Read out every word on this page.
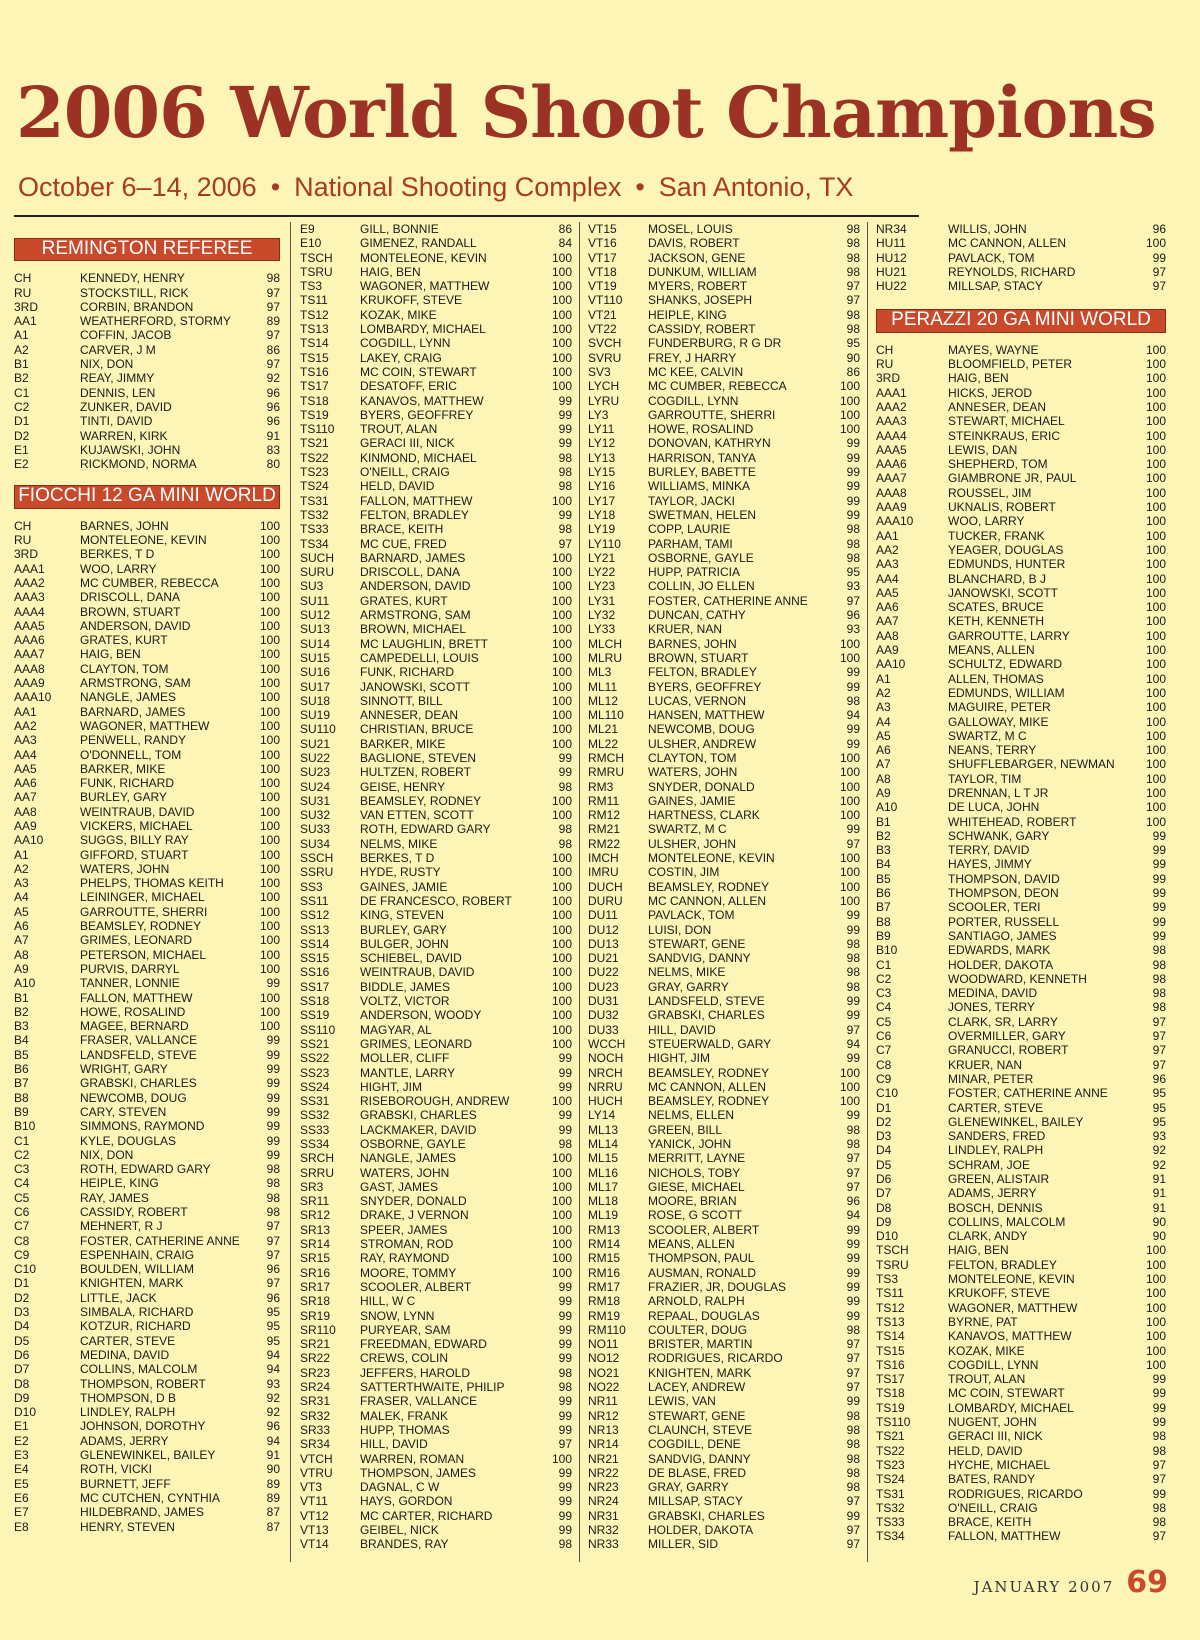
2006 World Shoot Champions
October 6–14, 2006 • National Shooting Complex • San Antonio, TX
REMINGTON REFEREE
CH	KENNEDY, HENRY	98
RU	STOCKSTILL, RICK	97
3RD	CORBIN, BRANDON	97
AA1	WEATHERFORD, STORMY	89
A1	COFFIN, JACOB	97
A2	CARVER, J M	86
B1	NIX, DON	97
B2	REAY, JIMMY	92
C1	DENNIS, LEN	96
C2	ZUNKER, DAVID	96
D1	TINTI, DAVID	96
D2	WARREN, KIRK	91
E1	KUJAWSKI, JOHN	83
E2	RICKMOND, NORMA	80
FIOCCHI 12 GA MINI WORLD
CH	BARNES, JOHN	100
RU	MONTELEONE, KEVIN	100
3RD	BERKES, T D	100
AAA1	WOO, LARRY	100
AAA2	MC CUMBER, REBECCA	100
AAA3	DRISCOLL, DANA	100
AAA4	BROWN, STUART	100
AAA5	ANDERSON, DAVID	100
AAA6	GRATES, KURT	100
AAA7	HAIG, BEN	100
AAA8	CLAYTON, TOM	100
AAA9	ARMSTRONG, SAM	100
AAA10	NANGLE, JAMES	100
AA1	BARNARD, JAMES	100
AA2	WAGONER, MATTHEW	100
AA3	PENWELL, RANDY	100
AA4	O'DONNELL, TOM	100
AA5	BARKER, MIKE	100
AA6	FUNK, RICHARD	100
AA7	BURLEY, GARY	100
AA8	WEINTRAUB, DAVID	100
AA9	VICKERS, MICHAEL	100
AA10	SUGGS, BILLY RAY	100
A1	GIFFORD, STUART	100
A2	WATERS, JOHN	100
A3	PHELPS, THOMAS KEITH	100
A4	LEININGER, MICHAEL	100
A5	GARROUTTE, SHERRI	100
A6	BEAMSLEY, RODNEY	100
A7	GRIMES, LEONARD	100
A8	PETERSON, MICHAEL	100
A9	PURVIS, DARRYL	100
A10	TANNER, LONNIE	99
B1	FALLON, MATTHEW	100
B2	HOWE, ROSALIND	100
B3	MAGEE, BERNARD	100
B4	FRASER, VALLANCE	99
B5	LANDSFELD, STEVE	99
B6	WRIGHT, GARY	99
B7	GRABSKI, CHARLES	99
B8	NEWCOMB, DOUG	99
B9	CARY, STEVEN	99
B10	SIMMONS, RAYMOND	99
C1	KYLE, DOUGLAS	99
C2	NIX, DON	99
C3	ROTH, EDWARD GARY	98
C4	HEIPLE, KING	98
C5	RAY, JAMES	98
C6	CASSIDY, ROBERT	98
C7	MEHNERT, R J	97
C8	FOSTER, CATHERINE ANNE	97
C9	ESPENHAIN, CRAIG	97
C10	BOULDEN, WILLIAM	96
D1	KNIGHTEN, MARK	97
D2	LITTLE, JACK	96
D3	SIMBALA, RICHARD	95
D4	KOTZUR, RICHARD	95
D5	CARTER, STEVE	95
D6	MEDINA, DAVID	94
D7	COLLINS, MALCOLM	94
D8	THOMPSON, ROBERT	93
D9	THOMPSON, D B	92
D10	LINDLEY, RALPH	92
E1	JOHNSON, DOROTHY	96
E2	ADAMS, JERRY	94
E3	GLENEWINKEL, BAILEY	91
E4	ROTH, VICKI	90
E5	BURNETT, JEFF	89
E6	MC CUTCHEN, CYNTHIA	89
E7	HILDEBRAND, JAMES	87
E8	HENRY, STEVEN	87
E9	GILL, BONNIE	86
E10	GIMENEZ, RANDALL	84
TSCH	MONTELEONE, KEVIN	100
TSRU	HAIG, BEN	100
TS3	WAGONER, MATTHEW	100
TS11	KRUKOFF, STEVE	100
TS12	KOZAK, MIKE	100
TS13	LOMBARDY, MICHAEL	100
TS14	COGDILL, LYNN	100
TS15	LAKEY, CRAIG	100
TS16	MC COIN, STEWART	100
TS17	DESATOFF, ERIC	100
TS18	KANAVOS, MATTHEW	99
TS19	BYERS, GEOFFREY	99
TS110	TROUT, ALAN	99
TS21	GERACI III, NICK	99
TS22	KINMOND, MICHAEL	98
TS23	O'NEILL, CRAIG	98
TS24	HELD, DAVID	98
TS31	FALLON, MATTHEW	100
TS32	FELTON, BRADLEY	99
TS33	BRACE, KEITH	98
TS34	MC CUE, FRED	97
SUCH	BARNARD, JAMES	100
SURU	DRISCOLL, DANA	100
SU3	ANDERSON, DAVID	100
SU11	GRATES, KURT	100
SU12	ARMSTRONG, SAM	100
SU13	BROWN, MICHAEL	100
SU14	MC LAUGHLIN, BRETT	100
SU15	CAMPEDELLI, LOUIS	100
SU16	FUNK, RICHARD	100
SU17	JANOWSKI, SCOTT	100
SU18	SINNOTT, BILL	100
SU19	ANNESER, DEAN	100
SU110	CHRISTIAN, BRUCE	100
SU21	BARKER, MIKE	100
SU22	BAGLIONE, STEVEN	99
SU23	HULTZEN, ROBERT	99
SU24	GEISE, HENRY	98
SU31	BEAMSLEY, RODNEY	100
SU32	VAN ETTEN, SCOTT	100
SU33	ROTH, EDWARD GARY	98
SU34	NELMS, MIKE	98
SSCH	BERKES, T D	100
SSRU	HYDE, RUSTY	100
SS3	GAINES, JAMIE	100
SS11	DE FRANCESCO, ROBERT	100
SS12	KING, STEVEN	100
SS13	BURLEY, GARY	100
SS14	BULGER, JOHN	100
SS15	SCHIEBEL, DAVID	100
SS16	WEINTRAUB, DAVID	100
SS17	BIDDLE, JAMES	100
SS18	VOLTZ, VICTOR	100
SS19	ANDERSON, WOODY	100
SS110	MAGYAR, AL	100
SS21	GRIMES, LEONARD	100
SS22	MOLLER, CLIFF	99
SS23	MANTLE, LARRY	99
SS24	HIGHT, JIM	99
SS31	RISEBOROUGH, ANDREW	100
SS32	GRABSKI, CHARLES	99
SS33	LACKMAKER, DAVID	99
SS34	OSBORNE, GAYLE	98
SRCH	NANGLE, JAMES	100
SRRU	WATERS, JOHN	100
SR3	GAST, JAMES	100
SR11	SNYDER, DONALD	100
SR12	DRAKE, J VERNON	100
SR13	SPEER, JAMES	100
SR14	STROMAN, ROD	100
SR15	RAY, RAYMOND	100
SR16	MOORE, TOMMY	100
SR17	SCOOLER, ALBERT	99
SR18	HILL, W C	99
SR19	SNOW, LYNN	99
SR110	PURYEAR, SAM	99
SR21	FREEDMAN, EDWARD	99
SR22	CREWS, COLIN	99
SR23	JEFFERS, HAROLD	98
SR24	SATTERTHWAITE, PHILIP	98
SR31	FRASER, VALLANCE	99
SR32	MALEK, FRANK	99
SR33	HUPP, THOMAS	99
SR34	HILL, DAVID	97
VTCH	WARREN, ROMAN	100
VTRU	THOMPSON, JAMES	99
VT3	DAGNAL, C W	99
VT11	HAYS, GORDON	99
VT12	MC CARTER, RICHARD	99
VT13	GEIBEL, NICK	99
VT14	BRANDES, RAY	98
VT15	MOSEL, LOUIS	98
VT16	DAVIS, ROBERT	98
VT17	JACKSON, GENE	98
VT18	DUNKUM, WILLIAM	98
VT19	MYERS, ROBERT	97
VT110	SHANKS, JOSEPH	97
VT21	HEIPLE, KING	98
VT22	CASSIDY, ROBERT	98
SVCH	FUNDERBURG, R G DR	95
SVRU	FREY, J HARRY	90
SV3	MC KEE, CALVIN	86
LYCH	MC CUMBER, REBECCA	100
LYRU	COGDILL, LYNN	100
LY3	GARROUTTE, SHERRI	100
LY11	HOWE, ROSALIND	100
LY12	DONOVAN, KATHRYN	99
LY13	HARRISON, TANYA	99
LY15	BURLEY, BABETTE	99
LY16	WILLIAMS, MINKA	99
LY17	TAYLOR, JACKI	99
LY18	SWETMAN, HELEN	99
LY19	COPP, LAURIE	98
LY110	PARHAM, TAMI	98
LY21	OSBORNE, GAYLE	98
LY22	HUPP, PATRICIA	95
LY23	COLLIN, JO ELLEN	93
LY31	FOSTER, CATHERINE ANNE	97
LY32	DUNCAN, CATHY	96
LY33	KRUER, NAN	93
MLCH	BARNES, JOHN	100
MLRU	BROWN, STUART	100
ML3	FELTON, BRADLEY	99
ML11	BYERS, GEOFFREY	99
ML12	LUCAS, VERNON	98
ML110	HANSEN, MATTHEW	94
ML21	NEWCOMB, DOUG	99
ML22	ULSHER, ANDREW	99
RMCH	CLAYTON, TOM	100
RMRU	WATERS, JOHN	100
RM3	SNYDER, DONALD	100
RM11	GAINES, JAMIE	100
RM12	HARTNESS, CLARK	100
RM21	SWARTZ, M C	99
RM22	ULSHER, JOHN	97
IMCH	MONTELEONE, KEVIN	100
IMRU	COSTIN, JIM	100
DUCH	BEAMSLEY, RODNEY	100
DURU	MC CANNON, ALLEN	100
DU11	PAVLACK, TOM	99
DU12	LUISI, DON	99
DU13	STEWART, GENE	98
DU21	SANDVIG, DANNY	98
DU22	NELMS, MIKE	98
DU23	GRAY, GARRY	98
DU31	LANDSFELD, STEVE	99
DU32	GRABSKI, CHARLES	99
DU33	HILL, DAVID	97
WCCH	STEUERWALD, GARY	94
NOCH	HIGHT, JIM	99
NRCH	BEAMSLEY, RODNEY	100
NRRU	MC CANNON, ALLEN	100
HUCH	BEAMSLEY, RODNEY	100
LY14	NELMS, ELLEN	99
ML13	GREEN, BILL	98
ML14	YANICK, JOHN	98
ML15	MERRITT, LAYNE	97
ML16	NICHOLS, TOBY	97
ML17	GIESE, MICHAEL	97
ML18	MOORE, BRIAN	96
ML19	ROSE, G SCOTT	94
RM13	SCOOLER, ALBERT	99
RM14	MEANS, ALLEN	99
RM15	THOMPSON, PAUL	99
RM16	AUSMAN, RONALD	99
RM17	FRAZIER, JR, DOUGLAS	99
RM18	ARNOLD, RALPH	99
RM19	REPAAL, DOUGLAS	99
RM110	COULTER, DOUG	98
NO11	BRISTER, MARTIN	97
NO12	RODRIGUES, RICARDO	97
NO21	KNIGHTEN, MARK	97
NO22	LACEY, ANDREW	97
NR11	LEWIS, VAN	99
NR12	STEWART, GENE	98
NR13	CLAUNCH, STEVE	98
NR14	COGDILL, DENE	98
NR21	SANDVIG, DANNY	98
NR22	DE BLASE, FRED	98
NR23	GRAY, GARRY	98
NR24	MILLSAP, STACY	97
NR31	GRABSKI, CHARLES	99
NR32	HOLDER, DAKOTA	97
NR33	MILLER, SID	97
NR34	WILLIS, JOHN	96
HU11	MC CANNON, ALLEN	100
HU12	PAVLACK, TOM	99
HU21	REYNOLDS, RICHARD	97
HU22	MILLSAP, STACY	97
PERAZZI 20 GA MINI WORLD
CH	MAYES, WAYNE	100
RU	BLOOMFIELD, PETER	100
3RD	HAIG, BEN	100
AAA1	HICKS, JEROD	100
AAA2	ANNESER, DEAN	100
AAA3	STEWART, MICHAEL	100
AAA4	STEINKRAUS, ERIC	100
AAA5	LEWIS, DAN	100
AAA6	SHEPHERD, TOM	100
AAA7	GIAMBRONE JR, PAUL	100
AAA8	ROUSSEL, JIM	100
AAA9	UKNALIS, ROBERT	100
AAA10	WOO, LARRY	100
AA1	TUCKER, FRANK	100
AA2	YEAGER, DOUGLAS	100
AA3	EDMUNDS, HUNTER	100
AA4	BLANCHARD, B J	100
AA5	JANOWSKI, SCOTT	100
AA6	SCATES, BRUCE	100
AA7	KETH, KENNETH	100
AA8	GARROUTTE, LARRY	100
AA9	MEANS, ALLEN	100
AA10	SCHULTZ, EDWARD	100
A1	ALLEN, THOMAS	100
A2	EDMUNDS, WILLIAM	100
A3	MAGUIRE, PETER	100
A4	GALLOWAY, MIKE	100
A5	SWARTZ, M C	100
A6	NEANS, TERRY	100
A7	SHUFFLEBARGER, NEWMAN	100
A8	TAYLOR, TIM	100
A9	DRENNAN, L T JR	100
A10	DE LUCA, JOHN	100
B1	WHITEHEAD, ROBERT	100
B2	SCHWANK, GARY	99
B3	TERRY, DAVID	99
B4	HAYES, JIMMY	99
B5	THOMPSON, DAVID	99
B6	THOMPSON, DEON	99
B7	SCOOLER, TERI	99
B8	PORTER, RUSSELL	99
B9	SANTIAGO, JAMES	99
B10	EDWARDS, MARK	98
C1	HOLDER, DAKOTA	98
C2	WOODWARD, KENNETH	98
C3	MEDINA, DAVID	98
C4	JONES, TERRY	98
C5	CLARK, SR, LARRY	97
C6	OVERMILLER, GARY	97
C7	GRANUCCI, ROBERT	97
C8	KRUER, NAN	97
C9	MINAR, PETER	96
C10	FOSTER, CATHERINE ANNE	95
D1	CARTER, STEVE	95
D2	GLENEWINKEL, BAILEY	95
D3	SANDERS, FRED	93
D4	LINDLEY, RALPH	92
D5	SCHRAM, JOE	92
D6	GREEN, ALISTAIR	91
D7	ADAMS, JERRY	91
D8	BOSCH, DENNIS	91
D9	COLLINS, MALCOLM	90
D10	CLARK, ANDY	90
TSCH	HAIG, BEN	100
TSRU	FELTON, BRADLEY	100
TS3	MONTELEONE, KEVIN	100
TS11	KRUKOFF, STEVE	100
TS12	WAGONER, MATTHEW	100
TS13	BYRNE, PAT	100
TS14	KANAVOS, MATTHEW	100
TS15	KOZAK, MIKE	100
TS16	COGDILL, LYNN	100
TS17	TROUT, ALAN	99
TS18	MC COIN, STEWART	99
TS19	LOMBARDY, MICHAEL	99
TS110	NUGENT, JOHN	99
TS21	GERACI III, NICK	98
TS22	HELD, DAVID	98
TS23	HYCHE, MICHAEL	97
TS24	BATES, RANDY	97
TS31	RODRIGUES, RICARDO	99
TS32	O'NEILL, CRAIG	98
TS33	BRACE, KEITH	98
TS34	FALLON, MATTHEW	97
JANUARY 2007 69
